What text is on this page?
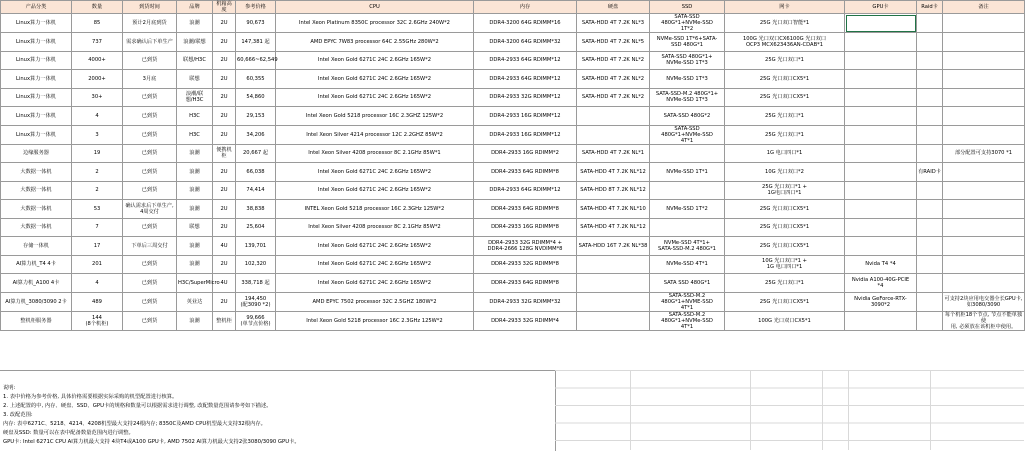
产品分类	数量	到货时间	品牌	机箱高度	参考价格	CPU	内存	硬盘	SSD	网卡	GPU卡	Raid卡	备注
Linux算力一体机	85	预计2月底到货	浪潮	2U	90,673	Intel Xeon Platinum 8350C processor 32C 2.6GHz 240W*2	DDR4-3200 64G RDIMM*16	SATA-HDD 4T 7.2K NL*3	SATA-SSD
480G*1+NVMe-SSD
1T*2	25G 光口双口智能*1			
Linux算力一体机	737	需求确认后下单生产	浪潮/联想	2U	147,381 起	AMD EPYC 7W83 processor 64C 2.55GHz 280W*2	DDR4-3200 64G RDIMM*32	SATA-HDD 4T 7.2K NL*5	NVMe-SSD 1T*6+SATA-
SSD 480G*1	100G 光口双口CX6100G 光口双口
OCP3 MCX623436AN-CDAB*1			
Linux算力一体机	4000+	已到货	联想/H3C	2U	60,666~62,549	Intel Xeon Gold 6271C 24C 2.6GHz 165W*2	DDR4-2933 64G RDIMM*12	SATA-HDD 4T 7.2K NL*2	SATA-SSD 480G*1+
NVMe-SSD 1T*3	25G 光口双口*1			
Linux算力一体机	2000+	3月底	联想	2U	60,355	Intel Xeon Gold 6271C 24C 2.6GHz 165W*2	DDR4-2933 64G RDIMM*12	SATA-HDD 4T 7.2K NL*2	NVMe-SSD 1T*3	25G 光口双口CX5*1			
Linux算力一体机	30+	已到货	浪潮/联想/H3C	2U	54,860	Intel Xeon Gold 6271C 24C 2.6GHz 165W*2	DDR4-2933 32G RDIMM*12	SATA-HDD 4T 7.2K NL*2	SATA-SSD-M.2 480G*1+
NVMe-SSD 1T*3	25G 光口双口CX5*1			
Linux算力一体机	4	已到货	H3C	2U	29,153	Intel Xeon Gold 5218 processor 16C 2.3GHZ 125W*2	DDR4-2933 16G RDIMM*12		SATA-SSD 480G*2	25G 光口双口*1			
Linux算力一体机	3	已到货	H3C	2U	34,206	Intel Xeon Silver 4214 processor 12C 2.2GHZ 85W*2	DDR4-2933 16G RDIMM*12		SATA-SSD
480G*1+NVMe-SSD
4T*1	25G 光口双口*1			
边缘服务器	19	已到货	浪潮	便携机柜	20,667 起	Intel Xeon Silver 4208 processor 8C 2.1GHz 85W*1	DDR4-2933 16G RDIMM*2	SATA-HDD 4T 7.2K NL*1		1G 电口四口*1			部分配置可支持3070 *1
大数据一体机	2	已到货	浪潮	2U	66,038	Intel Xeon Gold 6271C 24C 2.6GHz 165W*2	DDR4-2933 64G RDIMM*8	SATA-HDD 4T 7.2K NL*12	NVMe-SSD 1T*1	10G 光口双口*2		有RAID卡	
大数据一体机	2	已到货	浪潮	2U	74,414	Intel Xeon Gold 6271C 24C 2.6GHz 165W*2	DDR4-2933 64G RDIMM*12	SATA-HDD 8T 7.2K NL*12		25G 光口双口*1 +
1G电口四口*1			
大数据一体机	53	确认需求后下单生产,
4周交付	浪潮	2U	38,838	INTEL Xeon Gold 5218 processor 16C 2.3GHz 125W*2	DDR4-2933 64G RDIMM*8	SATA-HDD 4T 7.2K NL*10	NVMe-SSD 1T*2	25G 光口双口CX5*1			
大数据一体机	7	已到货	联想	2U	25,604	Intel Xeon Silver 4208 processor 8C 2.1GHz 85W*2	DDR4-2933 16G RDIMM*8	SATA-HDD 4T 7.2K NL*12		25G 光口双口CX5*1			
存储一体机	17	下单后三周交付	浪潮	4U	139,701	Intel Xeon Gold 6271C 24C 2.6GHz 165W*2	DDR4-2933 32G RDIMM*4 +
DDR4-2666 128G NVDIMM*8	SATA-HDD 16T 7.2K NL*38	NVMe-SSD 4T*1+
SATA-SSD-M.2 480G*1	25G 光口双口CX5*1			
AI算力机_T4 4卡	201	已到货	浪潮	2U	102,320	Intel Xeon Gold 6271C 24C 2.6GHz 165W*2	DDR4-2933 32G RDIMM*8		NVMe-SSD 4T*1	10G 光口双口*1 +
1G 电口四口*1	Nvida T4 *4		
AI算力机_A100 4卡	4	已到货	H3C/SuperMicro	4U	338,718 起	Intel Xeon Gold 6271C 24C 2.6GHz 165W*2	DDR4-2933 64G RDIMM*8		SATA SSD 480G*1	25G 光口双口*1	Nvidia A100-40G-PCIE
*4		
AI算力机_3080/3090 2卡	489	已到货	英业达	2U	194,450
(配3090 *2)	AMD EPYC 7502 processor 32C 2.5GHZ 180W*2	DDR4-2933 32G RDIMM*32		SATA-SSD-M.2
480G*1+NVME-SSD
4T*1	25G 光口双口CX5*1	Nvidia GeForce-RTX-
3090*2		可支持2块应用电交器全长GPU卡,
如3080/3090
整机柜服务器	144
(8个机柜)	已到货	浪潮	整机柜	99,666
(单节点价格)	Intel Xeon Gold 5218 processor 16C 2.3GHz 125W*2	DDR4-2933 32G RDIMM*4		SATA-SSD-M.2
480G*1+NVMe-SSD
4T*1	100G 光口双口CX5*1			每个机柜18个节点, 节点不能单独使
用, 必须放在该机柜中使用。
说明:
1. 表中价格为参考价格, 具体价格需要根据实际采购的机型配置进行核算。
2. 上述配置的中, 内存、硬盘、SSD、GPU卡的规格和数量可以根据需求进行调整, 改配数量范围请参考如下描述。
3. 改配范围:
内存: 表中6271C、5218、4214、4208机型最大支持24根内存; 8350C及AMD CPU机型最大支持32根内存。
硬盘及SSD: 数量可以在表中配备数量范围内进行调整。
GPU卡: Intel 6271C CPU AI算力机最大支持 4块T4或A100 GPU卡, AMD 7502 AI算力机最大支持2张3080/3090 GPU卡。
